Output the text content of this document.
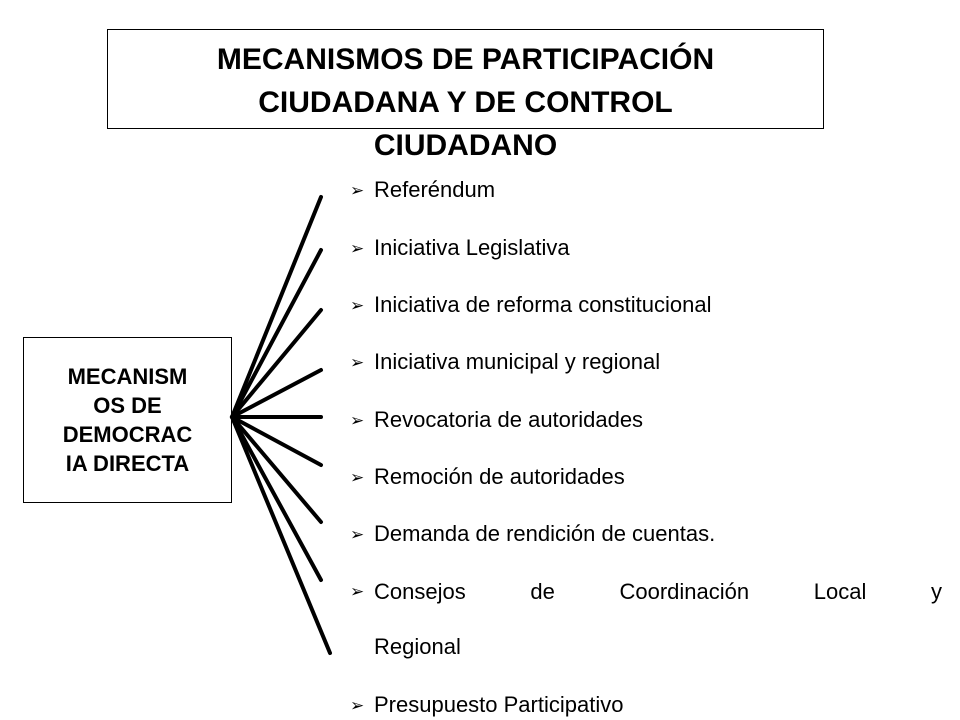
MECANISMOS DE PARTICIPACIÓN
CIUDADANA Y DE CONTROL
CIUDADANO
MECANISM
OS DE
DEMOCRAC
IA DIRECTA
➢ Referéndum
➢ Iniciativa Legislativa
➢ Iniciativa de reforma constitucional
➢ Iniciativa municipal y regional
➢ Revocatoria de autoridades
➢ Remoción de autoridades
➢ Demanda de rendición de cuentas.
➢ Consejos	de	Coordinación	Local	y
Regional
➢ Presupuesto Participativo
